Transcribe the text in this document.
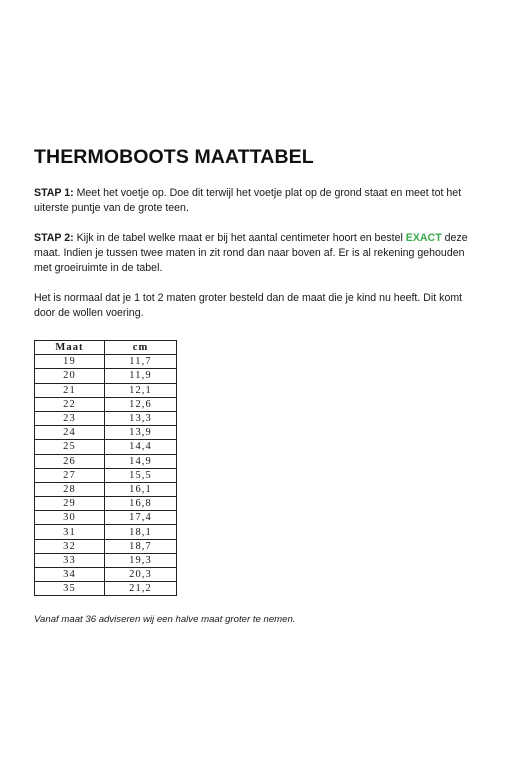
THERMOBOOTS MAATTABEL

STAP 1: Meet het voetje op. Doe dit terwijl het voetje plat op de grond staat en meet tot het uiterste puntje van de grote teen.

STAP 2: Kijk in de tabel welke maat er bij het aantal centimeter hoort en bestel EXACT deze maat. Indien je tussen twee maten in zit rond dan naar boven af. Er is al rekening gehouden met groeiruimte in de tabel.

Het is normaal dat je 1 tot 2 maten groter besteld dan de maat die je kind nu heeft. Dit komt door de wollen voering.

Maat	cm
19	11,7
20	11,9
21	12,1
22	12,6
23	13,3
24	13,9
25	14,4
26	14,9
27	15,5
28	16,1
29	16,8
30	17,4
31	18,1
32	18,7
33	19,3
34	20,3
35	21,2
Vanaf maat 36 adviseren wij een halve maat groter te nemen.
